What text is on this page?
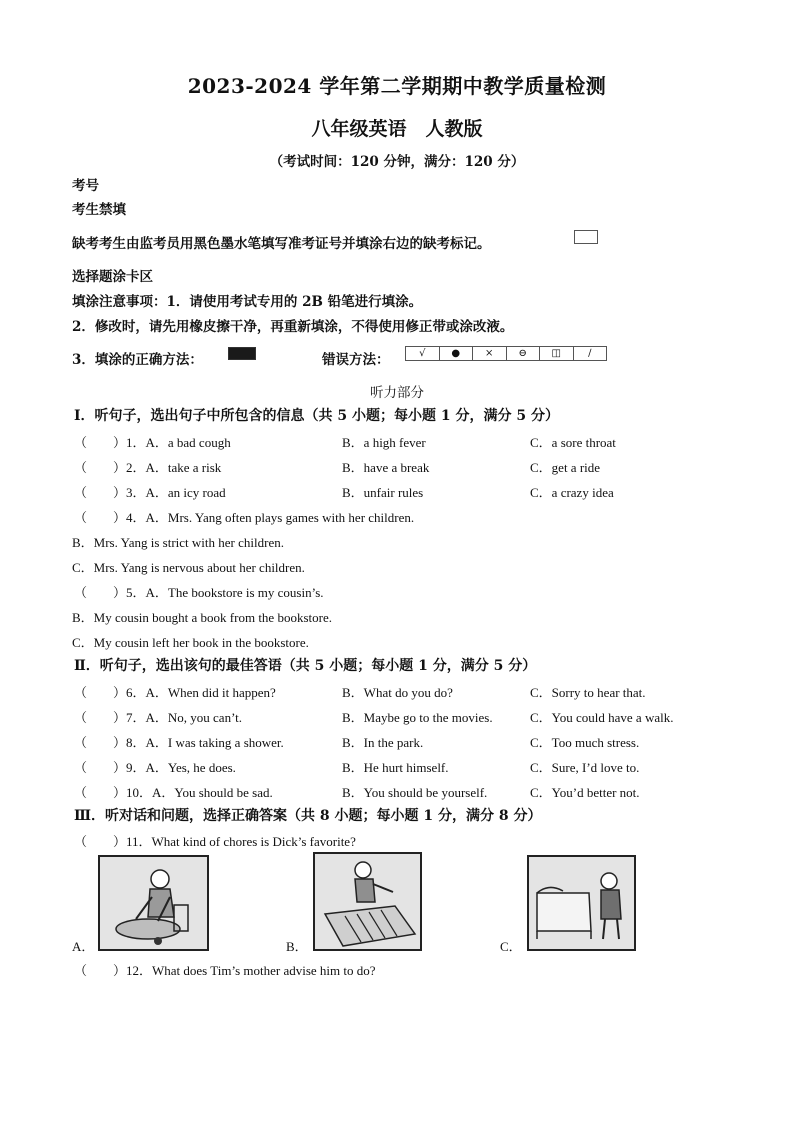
2023-2024 学年第二学期期中教学质量检测
八年级英语　人教版
（考试时间：120 分钟，满分：120 分）
考号
考生禁填
缺考考生由监考员用黑色墨水笔填写准考证号并填涂右边的缺考标记。
选择题涂卡区
填涂注意事项：1．请使用考试专用的 2B 铅笔进行填涂。
2．修改时，请先用橡皮擦干净，再重新填涂，不得使用修正带或涂改液。
3．填涂的正确方法：	错误方法：	√	●	×	⊖	◫	∕
听力部分
Ⅰ．听句子，选出句子中所包含的信息（共 5 小题；每小题 1 分，满分 5 分）
（　　）1．A．a bad cough	B．a high fever	C．a sore throat
（　　）2．A．take a risk	B．have a break	C．get a ride
（　　）3．A．an icy road	B．unfair rules	C．a crazy idea
（　　）4．A．Mrs. Yang often plays games with her children.
B．Mrs. Yang is strict with her children.
C．Mrs. Yang is nervous about her children.
（　　）5．A．The bookstore is my cousin’s.
B．My cousin bought a book from the bookstore.
C．My cousin left her book in the bookstore.
Ⅱ．听句子，选出该句的最佳答语（共 5 小题；每小题 1 分，满分 5 分）
（　　）6．A．When did it happen?	B．What do you do?	C．Sorry to hear that.
（　　）7．A．No, you can’t.	B．Maybe go to the movies.	C．You could have a walk.
（　　）8．A．I was taking a shower.	B．In the park.	C．Too much stress.
（　　）9．A．Yes, he does.	B．He hurt himself.	C．Sure, I’d love to.
（　　）10．A．You should be sad.	B．You should be yourself.	C．You’d better not.
Ⅲ．听对话和问题，选择正确答案（共 8 小题；每小题 1 分，满分 8 分）
（　　）11．What kind of chores is Dick’s favorite?
A．	B．	C．
（　　）12．What does Tim’s mother advise him to do?
